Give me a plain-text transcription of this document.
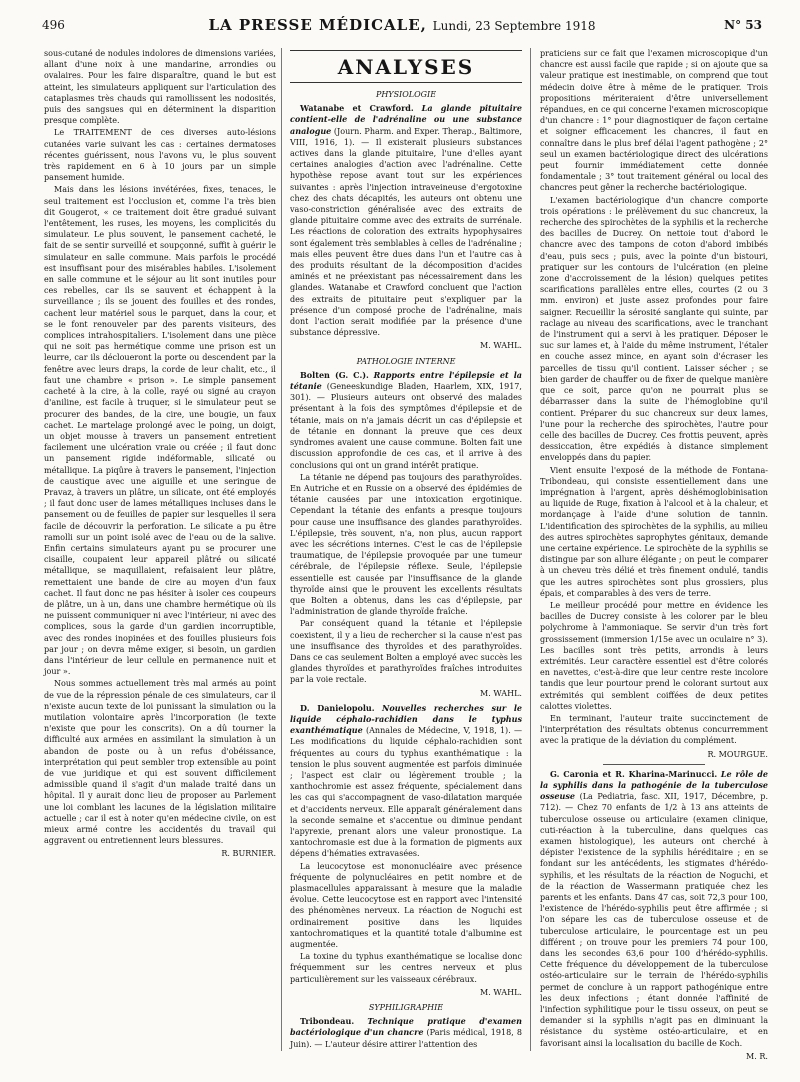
496	LA PRESSE MÉDICALE, Lundi, 23 Septembre 1918	N° 53

sous-cutané de nodules indolores de dimensions variées, allant d'une noix à une mandarine, arrondies ou ovalaires. Pour les faire disparaître, quand le but est atteint, les simulateurs appliquent sur l'articulation des cataplasmes très chauds qui ramollissent les nodosités, puis des sangsues qui en déterminent la disparition presque complète.

Le TRAITEMENT de ces diverses auto-lésions cutanées varie suivant les cas : certaines dermatoses récentes guérissent, nous l'avons vu, le plus souvent très rapidement en 6 à 10 jours par un simple pansement humide.

Mais dans les lésions invétérées, fixes, tenaces, le seul traitement est l'occlusion et, comme l'a très bien dit Gougerot, « ce traitement doit être gradué suivant l'entêtement, les ruses, les moyens, les complicités du simulateur. Le plus souvent, le pansement cacheté, le fait de se sentir surveillé et soupçonné, suffit à guérir le simulateur en salle commune. Mais parfois le procédé est insuffisant pour des misérables habiles. L'isolement en salle commune et le séjour au lit sont inutiles pour ces rebelles, car ils se sauvent et échappent à la surveillance ; ils se jouent des fouilles et des rondes, cachent leur matériel sous le parquet, dans la cour, et se le font renouveler par des parents visiteurs, des complices intrahospitaliers. L'isolement dans une pièce qui ne soit pas hermétique comme une prison est un leurre, car ils décloueront la porte ou descendent par la fenêtre avec leurs draps, la corde de leur chalit, etc., il faut une chambre « prison ». Le simple pansement cacheté à la cire, à la colle, rayé ou signé au crayon d'aniline, est facile à truquer, si le simulateur peut se procurer des bandes, de la cire, une bougie, un faux cachet. Le martelage prolongé avec le poing, un doigt, un objet mousse à travers un pansement entretient facilement une ulcération vraie ou créée ; il faut donc un pansement rigide indéformable, silicaté ou métallique. La piqûre à travers le pansement, l'injection de caustique avec une aiguille et une seringue de Pravaz, à travers un plâtre, un silicate, ont été employés ; il faut donc user de lames métalliques incluses dans le pansement ou de feuilles de papier sur lesquelles il sera facile de découvrir la perforation. Le silicate a pu être ramolli sur un point isolé avec de l'eau ou de la salive. Enfin certains simulateurs ayant pu se procurer une cisaille, coupaient leur appareil plâtré ou silicaté métallique, se maquillaient, refaisaient leur plâtre, remettaient une bande de cire au moyen d'un faux cachet. Il faut donc ne pas hésiter à isoler ces coupeurs de plâtre, un à un, dans une chambre hermétique où ils ne puissent communiquer ni avec l'intérieur, ni avec des complices, sous la garde d'un gardien incorruptible, avec des rondes inopinées et des fouilles plusieurs fois par jour ; on devra même exiger, si besoin, un gardien dans l'intérieur de leur cellule en permanence nuit et jour ».

Nous sommes actuellement très mal armés au point de vue de la répression pénale de ces simulateurs, car il n'existe aucun texte de loi punissant la simulation ou la mutilation volontaire après l'incorporation (le texte n'existe que pour les conscrits). On a dû tourner la difficulté aux armées en assimilant la simulation à un abandon de poste ou à un refus d'obéissance, interprétation qui peut sembler trop extensible au point de vue juridique et qui est souvent difficilement admissible quand il s'agit d'un malade traité dans un hôpital. Il y aurait donc lieu de proposer au Parlement une loi comblant les lacunes de la législation militaire actuelle ; car il est à noter qu'en médecine civile, on est mieux armé contre les accidentés du travail qui aggravent ou entretiennent leurs blessures.

R. BURNIER.

ANALYSES

PHYSIOLOGIE

Watanabe et Crawford. La glande pituitaire contient-elle de l'adrénaline ou une substance analogue (Journ. Pharm. and Exper. Therap., Baltimore, VIII, 1916, 1). — Il existerait plusieurs substances actives dans la glande pituitaire, l'une d'elles ayant certaines analogies d'action avec l'adrénaline. Cette hypothèse repose avant tout sur les expériences suivantes : après l'injection intraveineuse d'ergotoxine chez des chats décapités, les auteurs ont obtenu une vaso-constriction généralisée avec des extraits de glande pituitaire comme avec des extraits de surrénale. Les réactions de coloration des extraits hypophysaires sont également très semblables à celles de l'adrénaline ; mais elles peuvent être dues dans l'un et l'autre cas à des produits résultant de la décomposition d'acides aminés et ne préexistant pas nécessairement dans les glandes. Watanabe et Crawford concluent que l'action des extraits de pituitaire peut s'expliquer par la présence d'un composé proche de l'adrénaline, mais dont l'action serait modifiée par la présence d'une substance dépressive.

M. WAHL.

PATHOLOGIE INTERNE

Bolten (G. C.). Rapports entre l'épilepsie et la tétanie (Geneeskundige Bladen, Haarlem, XIX, 1917, 301). — Plusieurs auteurs ont observé des malades présentant à la fois des symptômes d'épilepsie et de tétanie, mais on n'a jamais décrit un cas d'épilepsie et de tétanie en donnant la preuve que ces deux syndromes avaient une cause commune. Bolten fait une discussion approfondie de ces cas, et il arrive à des conclusions qui ont un grand intérêt pratique.

La tétanie ne dépend pas toujours des parathyroïdes. En Autriche et en Russie on a observé des épidémies de tétanie causées par une intoxication ergotinique. Cependant la tétanie des enfants a presque toujours pour cause une insuffisance des glandes parathyroïdes. L'épilepsie, très souvent, n'a, non plus, aucun rapport avec les sécrétions internes. C'est le cas de l'épilepsie traumatique, de l'épilepsie provoquée par une tumeur cérébrale, de l'épilepsie réflexe. Seule, l'épilepsie essentielle est causée par l'insuffisance de la glande thyroïde ainsi que le prouvent les excellents résultats que Bolten a obtenus, dans les cas d'épilepsie, par l'administration de glande thyroïde fraîche.

Par conséquent quand la tétanie et l'épilepsie coexistent, il y a lieu de rechercher si la cause n'est pas une insuffisance des thyroïdes et des parathyroïdes. Dans ce cas seulement Bolten a employé avec succès les glandes thyroïdes et parathyroïdes fraîches introduites par la voie rectale.

M. WAHL.

D. Danielopolu. Nouvelles recherches sur le liquide céphalo-rachidien dans le typhus exanthématique (Annales de Médecine, V, 1918, 1). — Les modifications du liquide céphalo-rachidien sont fréquentes au cours du typhus exanthématique : la tension le plus souvent augmentée est parfois diminuée ; l'aspect est clair ou légèrement trouble ; la xanthochromie est assez fréquente, spécialement dans les cas qui s'accompagnent de vaso-dilatation marquée et d'accidents nerveux. Elle apparaît généralement dans la seconde semaine et s'accentue ou diminue pendant l'apyrexie, prenant alors une valeur pronostique. La xantochromasie est due à la formation de pigments aux dépens d'hématies extravasées.

La leucocytose est mononucléaire avec présence fréquente de polynucléaires en petit nombre et de plasmacellules apparaissant à mesure que la maladie évolue. Cette leucocytose est en rapport avec l'intensité des phénomènes nerveux. La réaction de Noguchi est ordinairement positive dans les liquides xantochromatiques et la quantité totale d'albumine est augmentée.

La toxine du typhus exanthématique se localise donc fréquemment sur les centres nerveux et plus particulièrement sur les vaisseaux cérébraux.

M. WAHL.

SYPHILIGRAPHIE

Tribondeau. Technique pratique d'examen bactériologique d'un chancre (Paris médical, 1918, 8 Juin). — L'auteur désire attirer l'attention des

praticiens sur ce fait que l'examen microscopique d'un chancre est aussi facile que rapide ; si on ajoute que sa valeur pratique est inestimable, on comprend que tout médecin doive être à même de le pratiquer. Trois propositions mériteraient d'être universellement répandues, en ce qui concerne l'examen microscopique d'un chancre : 1° pour diagnostiquer de façon certaine et soigner efficacement les chancres, il faut en connaître dans le plus bref délai l'agent pathogène ; 2° seul un examen bactériologique direct des ulcérations peut fournir immédiatement cette donnée fondamentale ; 3° tout traitement général ou local des chancres peut gêner la recherche bactériologique.

L'examen bactériologique d'un chancre comporte trois opérations : le prélèvement du suc chancreux, la recherche des spirochètes de la syphilis et la recherche des bacilles de Ducrey. On nettoie tout d'abord le chancre avec des tampons de coton d'abord imbibés d'eau, puis secs ; puis, avec la pointe d'un bistouri, pratiquer sur les contours de l'ulcération (en pleine zone d'accroissement de la lésion) quelques petites scarifications parallèles entre elles, courtes (2 ou 3 mm. environ) et juste assez profondes pour faire saigner. Recueillir la sérosité sanglante qui suinte, par raclage au niveau des scarifications, avec le tranchant de l'instrument qui a servi à les pratiquer. Déposer le suc sur lames et, à l'aide du même instrument, l'étaler en couche assez mince, en ayant soin d'écraser les parcelles de tissu qu'il contient. Laisser sécher ; se bien garder de chauffer ou de fixer de quelque manière que ce soit, parce qu'on ne pourrait plus se débarrasser dans la suite de l'hémoglobine qu'il contient. Préparer du suc chancreux sur deux lames, l'une pour la recherche des spirochètes, l'autre pour celle des bacilles de Ducrey. Ces frottis peuvent, après dessiccation, être expédiés à distance simplement enveloppés dans du papier.

Vient ensuite l'exposé de la méthode de Fontana-Tribondeau, qui consiste essentiellement dans une imprégnation à l'argent, après déshémoglobinisation au liquide de Ruge, fixation à l'alcool et à la chaleur, et mordançage à l'aide d'une solution de tannin. L'identification des spirochètes de la syphilis, au milieu des autres spirochètes saprophytes génitaux, demande une certaine expérience. Le spirochète de la syphilis se distingue par son allure élégante ; on peut le comparer à un cheveu très délié et très finement ondulé, tandis que les autres spirochètes sont plus grossiers, plus épais, et comparables à des vers de terre.

Le meilleur procédé pour mettre en évidence les bacilles de Ducrey consiste à les colorer par le bleu polychrome à l'ammoniaque. Se servir d'un très fort grossissement (immersion 1/15e avec un oculaire n° 3). Les bacilles sont très petits, arrondis à leurs extrémités. Leur caractère essentiel est d'être colorés en navettes, c'est-à-dire que leur centre reste incolore tandis que leur pourtour prend le colorant surtout aux extrémités qui semblent coiffées de deux petites calottes violettes.

En terminant, l'auteur traite succinctement de l'interprétation des résultats obtenus concurremment avec la pratique de la déviation du complément.

R. MOURGUE.

G. Caronia et R. Kharina-Marinucci. Le rôle de la syphilis dans la pathogénie de la tuberculose osseuse (La Pediatria, fasc. XII, 1917, Décembre, p. 712). — Chez 70 enfants de 1/2 à 13 ans atteints de tuberculose osseuse ou articulaire (examen clinique, cuti-réaction à la tuberculine, dans quelques cas examen histologique), les auteurs ont cherché à dépister l'existence de la syphilis héréditaire ; en se fondant sur les antécédents, les stigmates d'hérédo-syphilis, et les résultats de la réaction de Noguchi, et de la réaction de Wassermann pratiquée chez les parents et les enfants. Dans 47 cas, soit 72,3 pour 100, l'existence de l'hérédo-syphilis peut être affirmée ; si l'on sépare les cas de tuberculose osseuse et de tuberculose articulaire, le pourcentage est un peu différent ; on trouve pour les premiers 74 pour 100, dans les secondes 63,6 pour 100 d'hérédo-syphilis. Cette fréquence du développement de la tuberculose ostéo-articulaire sur le terrain de l'hérédo-syphilis permet de conclure à un rapport pathogénique entre les deux infections ; étant donnée l'affinité de l'infection syphilitique pour le tissu osseux, on peut se demander si la syphilis n'agit pas en diminuant la résistance du système ostéo-articulaire, et en favorisant ainsi la localisation du bacille de Koch.

M. R.
